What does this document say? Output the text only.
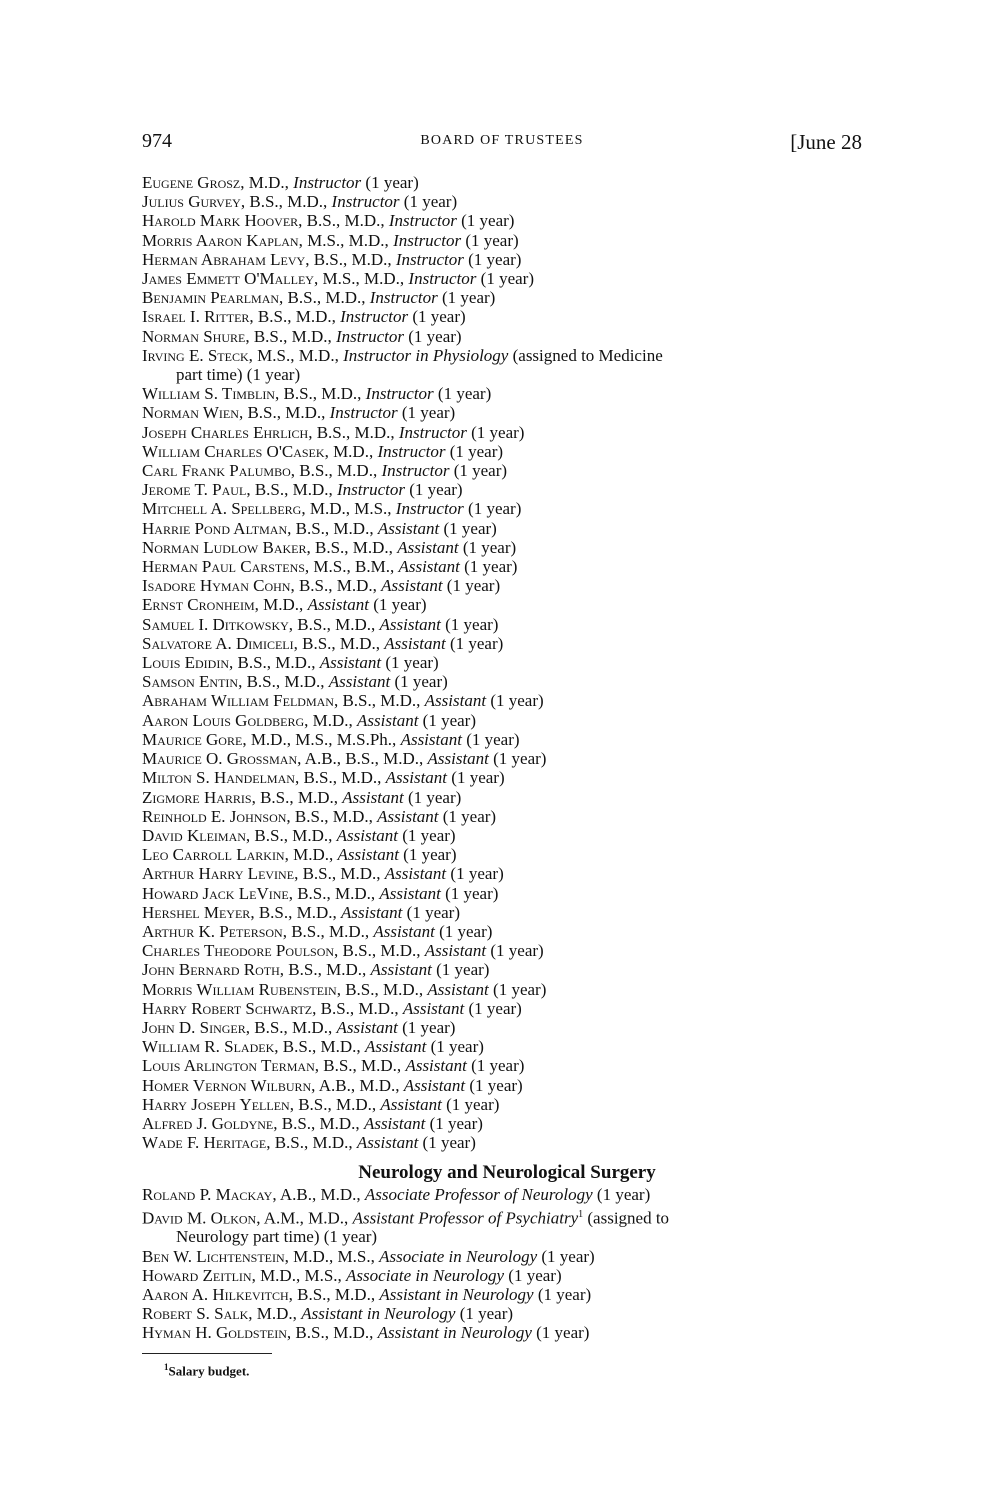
974	BOARD OF TRUSTEES	[June 28
Eugene Grosz, M.D., Instructor (1 year)
Julius Gurvey, B.S., M.D., Instructor (1 year)
Harold Mark Hoover, B.S., M.D., Instructor (1 year)
Morris Aaron Kaplan, M.S., M.D., Instructor (1 year)
Herman Abraham Levy, B.S., M.D., Instructor (1 year)
James Emmett O'Malley, M.S., M.D., Instructor (1 year)
Benjamin Pearlman, B.S., M.D., Instructor (1 year)
Israel I. Ritter, B.S., M.D., Instructor (1 year)
Norman Shure, B.S., M.D., Instructor (1 year)
Irving E. Steck, M.S., M.D., Instructor in Physiology (assigned to Medicine
part time) (1 year)
William S. Timblin, B.S., M.D., Instructor (1 year)
Norman Wien, B.S., M.D., Instructor (1 year)
Joseph Charles Ehrlich, B.S., M.D., Instructor (1 year)
William Charles O'Casek, M.D., Instructor (1 year)
Carl Frank Palumbo, B.S., M.D., Instructor (1 year)
Jerome T. Paul, B.S., M.D., Instructor (1 year)
Mitchell A. Spellberg, M.D., M.S., Instructor (1 year)
Harrie Pond Altman, B.S., M.D., Assistant (1 year)
Norman Ludlow Baker, B.S., M.D., Assistant (1 year)
Herman Paul Carstens, M.S., B.M., Assistant (1 year)
Isadore Hyman Cohn, B.S., M.D., Assistant (1 year)
Ernst Cronheim, M.D., Assistant (1 year)
Samuel I. Ditkowsky, B.S., M.D., Assistant (1 year)
Salvatore A. Dimiceli, B.S., M.D., Assistant (1 year)
Louis Edidin, B.S., M.D., Assistant (1 year)
Samson Entin, B.S., M.D., Assistant (1 year)
Abraham William Feldman, B.S., M.D., Assistant (1 year)
Aaron Louis Goldberg, M.D., Assistant (1 year)
Maurice Gore, M.D., M.S., M.S.Ph., Assistant (1 year)
Maurice O. Grossman, A.B., B.S., M.D., Assistant (1 year)
Milton S. Handelman, B.S., M.D., Assistant (1 year)
Zigmore Harris, B.S., M.D., Assistant (1 year)
Reinhold E. Johnson, B.S., M.D., Assistant (1 year)
David Kleiman, B.S., M.D., Assistant (1 year)
Leo Carroll Larkin, M.D., Assistant (1 year)
Arthur Harry Levine, B.S., M.D., Assistant (1 year)
Howard Jack LeVine, B.S., M.D., Assistant (1 year)
Hershel Meyer, B.S., M.D., Assistant (1 year)
Arthur K. Peterson, B.S., M.D., Assistant (1 year)
Charles Theodore Poulson, B.S., M.D., Assistant (1 year)
John Bernard Roth, B.S., M.D., Assistant (1 year)
Morris William Rubenstein, B.S., M.D., Assistant (1 year)
Harry Robert Schwartz, B.S., M.D., Assistant (1 year)
John D. Singer, B.S., M.D., Assistant (1 year)
William R. Sladek, B.S., M.D., Assistant (1 year)
Louis Arlington Terman, B.S., M.D., Assistant (1 year)
Homer Vernon Wilburn, A.B., M.D., Assistant (1 year)
Harry Joseph Yellen, B.S., M.D., Assistant (1 year)
Alfred J. Goldyne, B.S., M.D., Assistant (1 year)
Wade F. Heritage, B.S., M.D., Assistant (1 year)
Neurology and Neurological Surgery
Roland P. Mackay, A.B., M.D., Associate Professor of Neurology (1 year)
David M. Olkon, A.M., M.D., Assistant Professor of Psychiatry$^1$ (assigned to
Neurology part time) (1 year)
Ben W. Lichtenstein, M.D., M.S., Associate in Neurology (1 year)
Howard Zeitlin, M.D., M.S., Associate in Neurology (1 year)
Aaron A. Hilkevitch, B.S., M.D., Assistant in Neurology (1 year)
Robert S. Salk, M.D., Assistant in Neurology (1 year)
Hyman H. Goldstein, B.S., M.D., Assistant in Neurology (1 year)
$^1$Salary budget.
